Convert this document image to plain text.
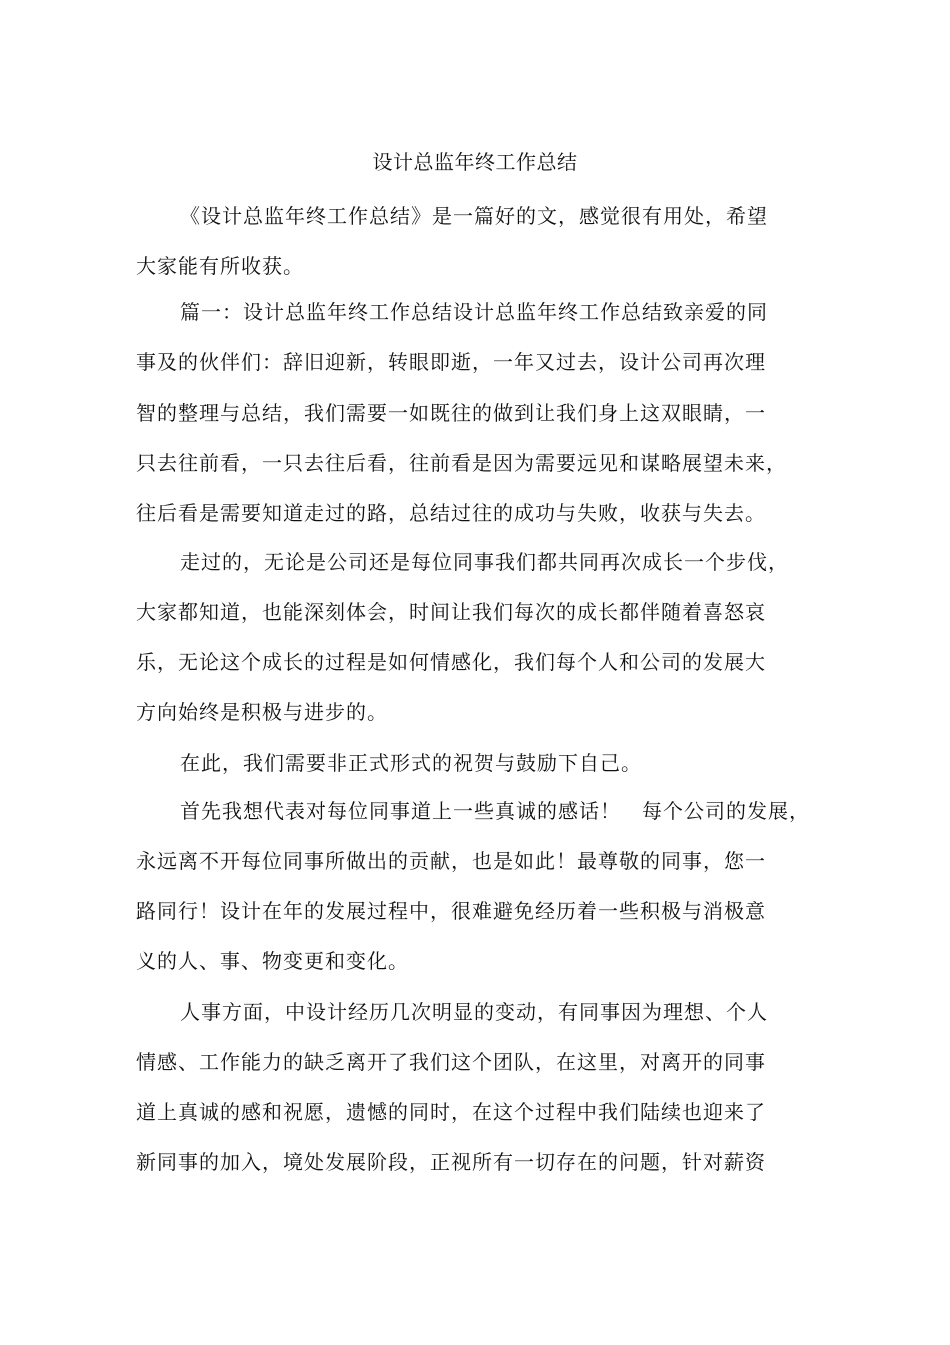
设计总监年终工作总结
《设计总监年终工作总结》是一篇好的文，感觉很有用处，希望
大家能有所收获。
篇一：设计总监年终工作总结设计总监年终工作总结致亲爱的同
事及的伙伴们：辞旧迎新，转眼即逝，一年又过去，设计公司再次理
智的整理与总结，我们需要一如既往的做到让我们身上这双眼睛，一
只去往前看，一只去往后看，往前看是因为需要远见和谋略展望未来，
往后看是需要知道走过的路，总结过往的成功与失败，收获与失去。
走过的，无论是公司还是每位同事我们都共同再次成长一个步伐，
大家都知道，也能深刻体会，时间让我们每次的成长都伴随着喜怒哀
乐，无论这个成长的过程是如何情感化，我们每个人和公司的发展大
方向始终是积极与进步的。
在此，我们需要非正式形式的祝贺与鼓励下自己。
首先我想代表对每位同事道上一些真诚的感话！　每个公司的发展，
永远离不开每位同事所做出的贡献，也是如此！最尊敬的同事，您一
路同行！设计在年的发展过程中，很难避免经历着一些积极与消极意
义的人、事、物变更和变化。
人事方面，中设计经历几次明显的变动，有同事因为理想、个人
情感、工作能力的缺乏离开了我们这个团队，在这里，对离开的同事
道上真诚的感和祝愿，遗憾的同时，在这个过程中我们陆续也迎来了
新同事的加入，境处发展阶段，正视所有一切存在的问题，针对薪资
